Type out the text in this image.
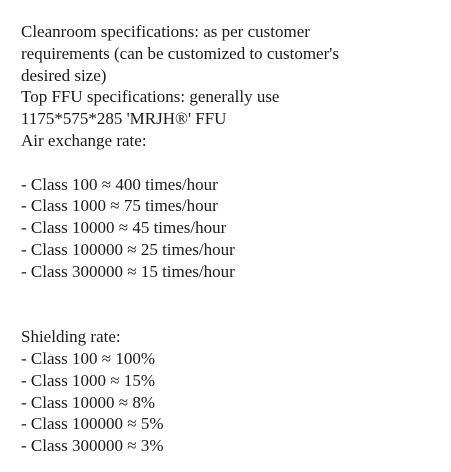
Cleanroom specifications: as per customer
requirements (can be customized to customer's
desired size)
Top FFU specifications: generally use
1175*575*285 'MRJH®' FFU
Air exchange rate:
- Class 100 ≈ 400 times/hour
- Class 1000 ≈ 75 times/hour
- Class 10000 ≈ 45 times/hour
- Class 100000 ≈ 25 times/hour
- Class 300000 ≈ 15 times/hour
Shielding rate:
- Class 100 ≈ 100%
- Class 1000 ≈ 15%
- Class 10000 ≈ 8%
- Class 100000 ≈ 5%
- Class 300000 ≈ 3%
